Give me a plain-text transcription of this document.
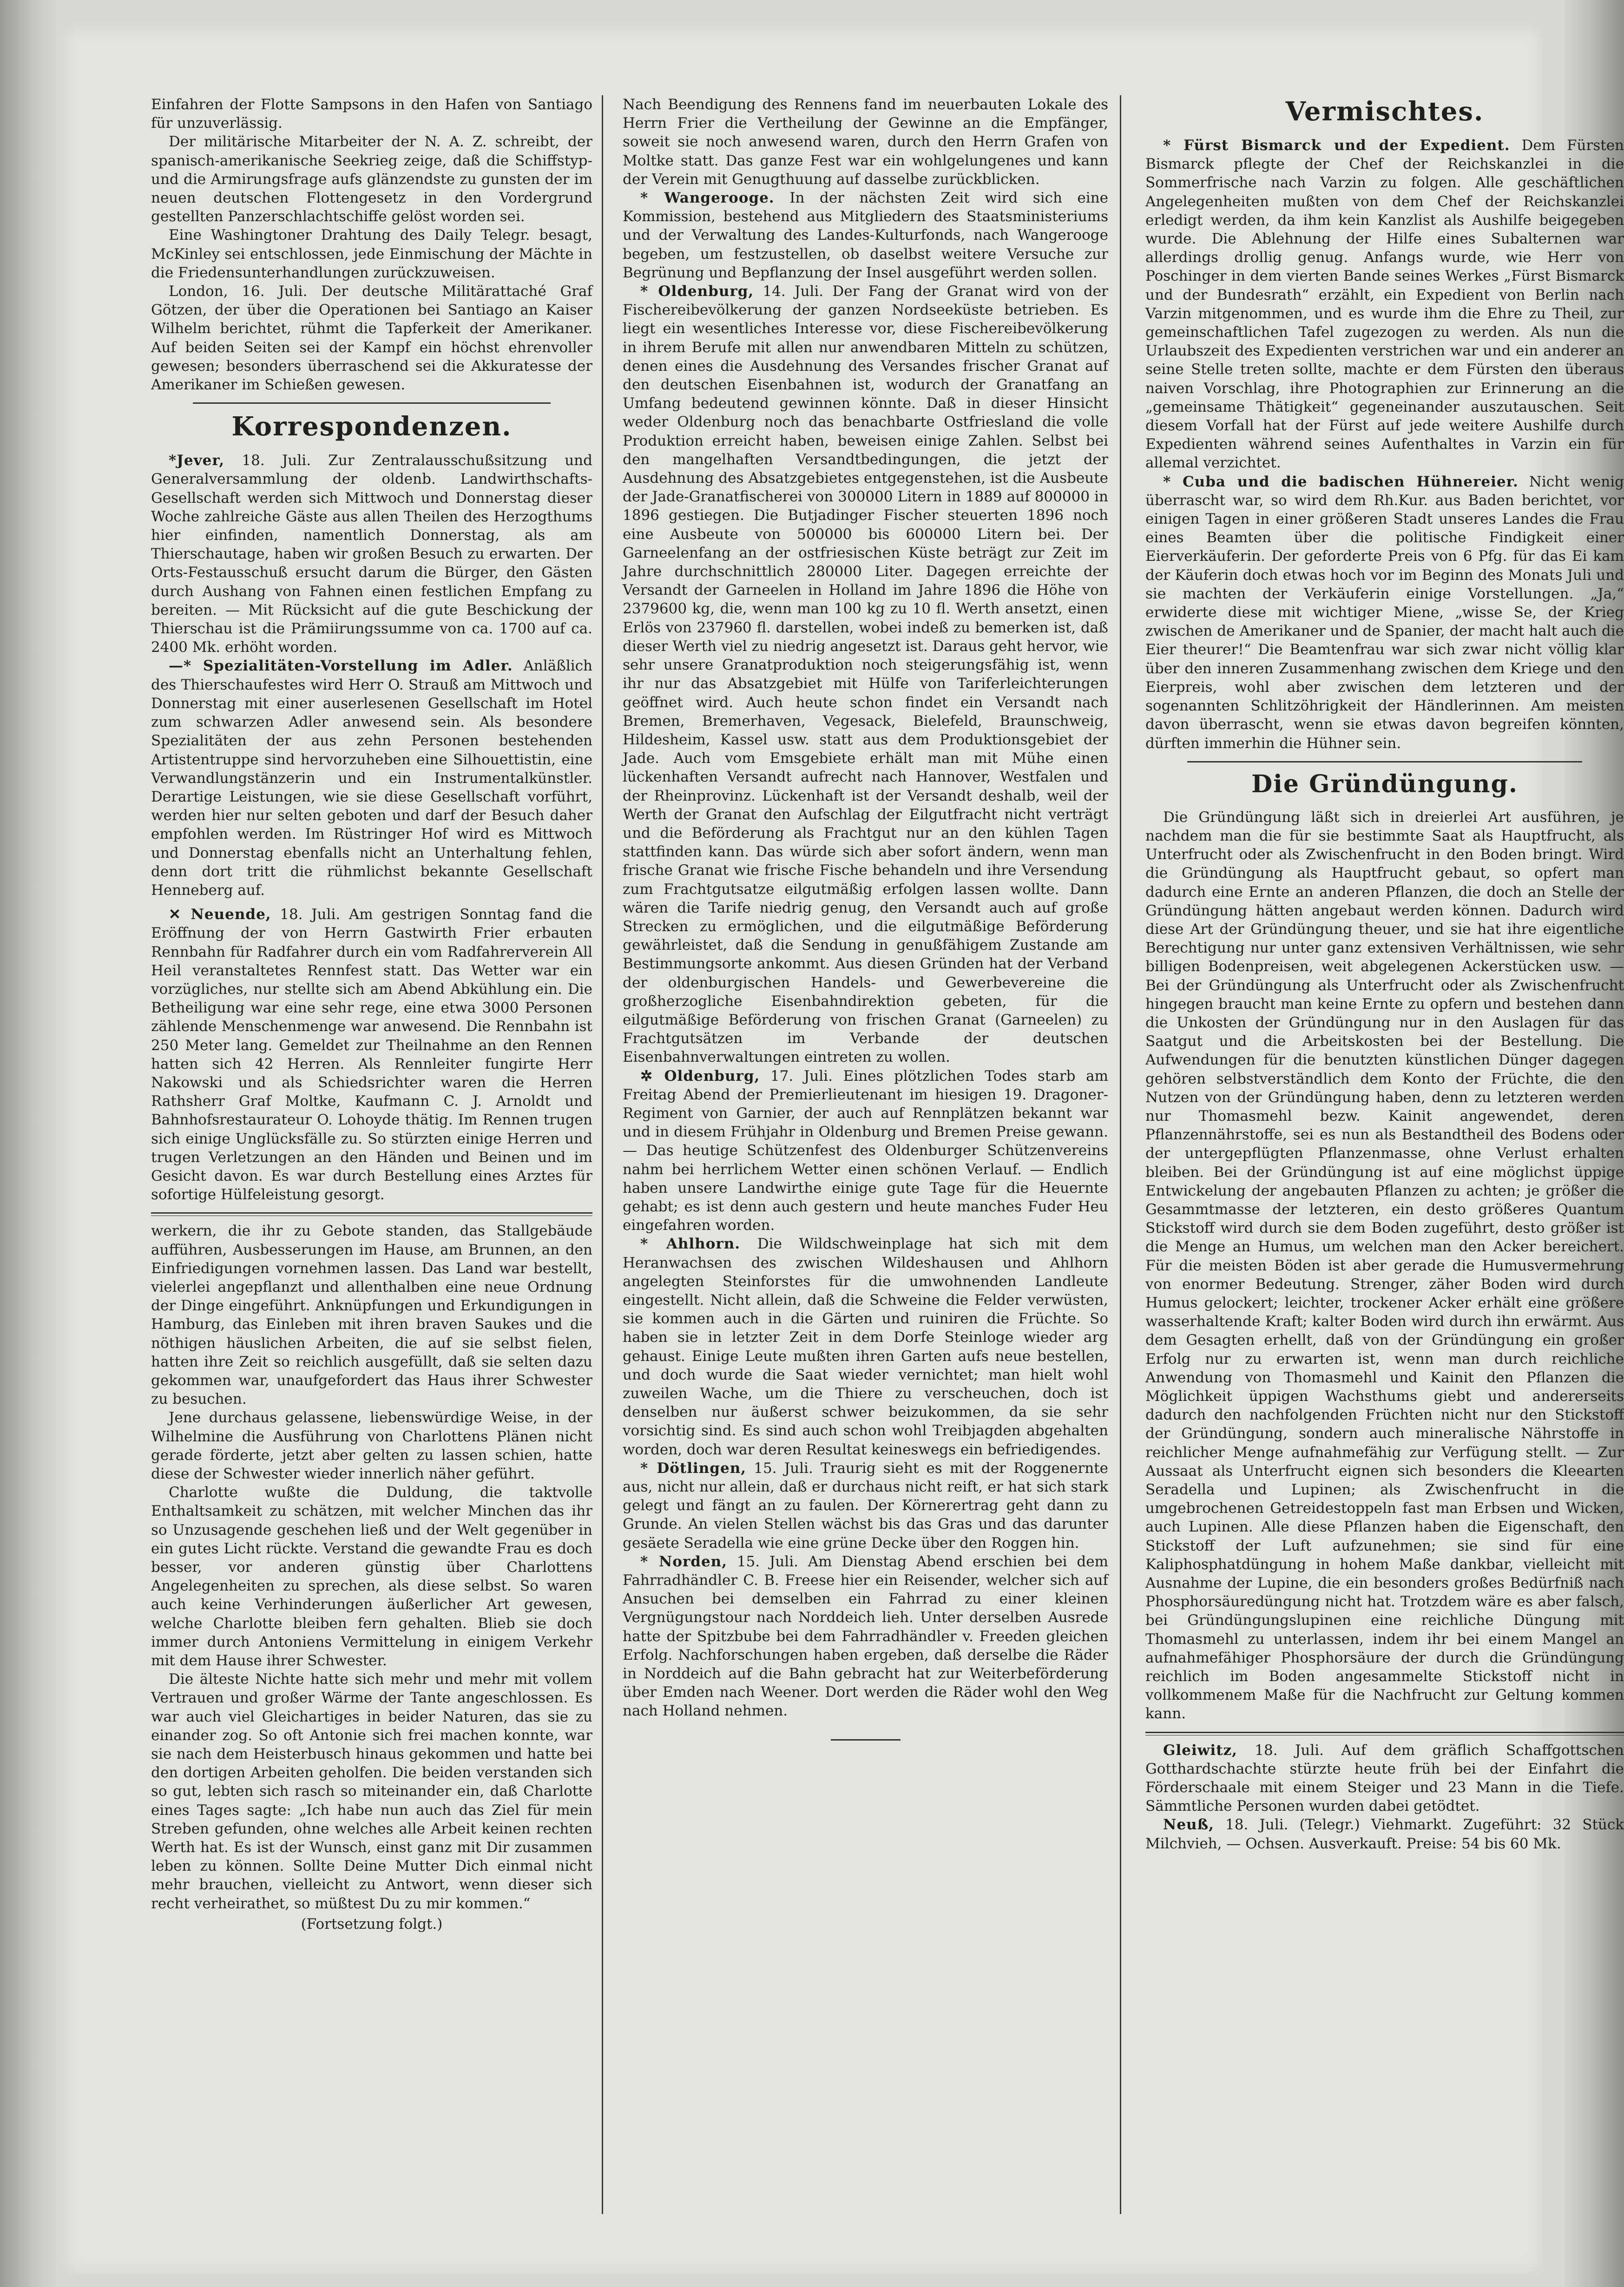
Einfahren der Flotte Sampsons in den Hafen von Santiago für unzuverlässig.

Der militärische Mitarbeiter der N. A. Z. schreibt, der spanisch-amerikanische Seekrieg zeige, daß die Schiffstyp- und die Armirungsfrage aufs glänzendste zu gunsten der im neuen deutschen Flottengesetz in den Vordergrund gestellten Panzerschlachtschiffe gelöst worden sei.

Eine Washingtoner Drahtung des Daily Telegr. besagt, McKinley sei entschlossen, jede Einmischung der Mächte in die Friedensunterhandlungen zurückzuweisen.

London, 16. Juli. Der deutsche Militärattaché Graf Götzen, der über die Operationen bei Santiago an Kaiser Wilhelm berichtet, rühmt die Tapferkeit der Amerikaner. Auf beiden Seiten sei der Kampf ein höchst ehrenvoller gewesen; besonders überraschend sei die Akkuratesse der Amerikaner im Schießen gewesen.

Korrespondenzen.

*Jever, 18. Juli. Zur Zentralausschußsitzung und Generalversammlung der oldenb. Landwirthschafts-Gesellschaft werden sich Mittwoch und Donnerstag dieser Woche zahlreiche Gäste aus allen Theilen des Herzogthums hier einfinden, namentlich Donnerstag, als am Thierschautage, haben wir großen Besuch zu erwarten. Der Orts-Festausschuß ersucht darum die Bürger, den Gästen durch Aushang von Fahnen einen festlichen Empfang zu bereiten. — Mit Rücksicht auf die gute Beschickung der Thierschau ist die Prämiirungssumme von ca. 1700 auf ca. 2400 Mk. erhöht worden.

—* Spezialitäten-Vorstellung im Adler. Anläßlich des Thierschaufestes wird Herr O. Strauß am Mittwoch und Donnerstag mit einer auserlesenen Gesellschaft im Hotel zum schwarzen Adler anwesend sein. Als besondere Spezialitäten der aus zehn Personen bestehenden Artistentruppe sind hervorzuheben eine Silhouettistin, eine Verwandlungstänzerin und ein Instrumentalkünstler. Derartige Leistungen, wie sie diese Gesellschaft vorführt, werden hier nur selten geboten und darf der Besuch daher empfohlen werden. Im Rüstringer Hof wird es Mittwoch und Donnerstag ebenfalls nicht an Unterhaltung fehlen, denn dort tritt die rühmlichst bekannte Gesellschaft Henneberg auf.

✕ Neuende, 18. Juli. Am gestrigen Sonntag fand die Eröffnung der von Herrn Gastwirth Frier erbauten Rennbahn für Radfahrer durch ein vom Radfahrerverein All Heil veranstaltetes Rennfest statt. Das Wetter war ein vorzügliches, nur stellte sich am Abend Abkühlung ein. Die Betheiligung war eine sehr rege, eine etwa 3000 Personen zählende Menschenmenge war anwesend. Die Rennbahn ist 250 Meter lang. Gemeldet zur Theilnahme an den Rennen hatten sich 42 Herren. Als Rennleiter fungirte Herr Nakowski und als Schiedsrichter waren die Herren Rathsherr Graf Moltke, Kaufmann C. J. Arnoldt und Bahnhofsrestaurateur O. Lohoyde thätig. Im Rennen trugen sich einige Unglücksfälle zu. So stürzten einige Herren und trugen Verletzungen an den Händen und Beinen und im Gesicht davon. Es war durch Bestellung eines Arztes für sofortige Hülfeleistung gesorgt.

werkern, die ihr zu Gebote standen, das Stallgebäude aufführen, Ausbesserungen im Hause, am Brunnen, an den Einfriedigungen vornehmen lassen. Das Land war bestellt, vielerlei angepflanzt und allenthalben eine neue Ordnung der Dinge eingeführt. Anknüpfungen und Erkundigungen in Hamburg, das Einleben mit ihren braven Saukes und die nöthigen häuslichen Arbeiten, die auf sie selbst fielen, hatten ihre Zeit so reichlich ausgefüllt, daß sie selten dazu gekommen war, unaufgefordert das Haus ihrer Schwester zu besuchen.

Jene durchaus gelassene, liebenswürdige Weise, in der Wilhelmine die Ausführung von Charlottens Plänen nicht gerade förderte, jetzt aber gelten zu lassen schien, hatte diese der Schwester wieder innerlich näher geführt.

Charlotte wußte die Duldung, die taktvolle Enthaltsamkeit zu schätzen, mit welcher Minchen das ihr so Unzusagende geschehen ließ und der Welt gegenüber in ein gutes Licht rückte. Verstand die gewandte Frau es doch besser, vor anderen günstig über Charlottens Angelegenheiten zu sprechen, als diese selbst. So waren auch keine Verhinderungen äußerlicher Art gewesen, welche Charlotte bleiben fern gehalten. Blieb sie doch immer durch Antoniens Vermittelung in einigem Verkehr mit dem Hause ihrer Schwester.

Die älteste Nichte hatte sich mehr und mehr mit vollem Vertrauen und großer Wärme der Tante angeschlossen. Es war auch viel Gleichartiges in beider Naturen, das sie zu einander zog. So oft Antonie sich frei machen konnte, war sie nach dem Heisterbusch hinaus gekommen und hatte bei den dortigen Arbeiten geholfen. Die beiden verstanden sich so gut, lebten sich rasch so miteinander ein, daß Charlotte eines Tages sagte: „Ich habe nun auch das Ziel für mein Streben gefunden, ohne welches alle Arbeit keinen rechten Werth hat. Es ist der Wunsch, einst ganz mit Dir zusammen leben zu können. Sollte Deine Mutter Dich einmal nicht mehr brauchen, vielleicht zu Antwort, wenn dieser sich recht verheirathet, so müßtest Du zu mir kommen.“

(Fortsetzung folgt.)

Nach Beendigung des Rennens fand im neuerbauten Lokale des Herrn Frier die Vertheilung der Gewinne an die Empfänger, soweit sie noch anwesend waren, durch den Herrn Grafen von Moltke statt. Das ganze Fest war ein wohlgelungenes und kann der Verein mit Genugthuung auf dasselbe zurückblicken.

* Wangerooge. In der nächsten Zeit wird sich eine Kommission, bestehend aus Mitgliedern des Staatsministeriums und der Verwaltung des Landes-Kulturfonds, nach Wangerooge begeben, um festzustellen, ob daselbst weitere Versuche zur Begrünung und Bepflanzung der Insel ausgeführt werden sollen.

* Oldenburg, 14. Juli. Der Fang der Granat wird von der Fischereibevölkerung der ganzen Nordseeküste betrieben. Es liegt ein wesentliches Interesse vor, diese Fischereibevölkerung in ihrem Berufe mit allen nur anwendbaren Mitteln zu schützen, denen eines die Ausdehnung des Versandes frischer Granat auf den deutschen Eisenbahnen ist, wodurch der Granatfang an Umfang bedeutend gewinnen könnte. Daß in dieser Hinsicht weder Oldenburg noch das benachbarte Ostfriesland die volle Produktion erreicht haben, beweisen einige Zahlen. Selbst bei den mangelhaften Versandtbedingungen, die jetzt der Ausdehnung des Absatzgebietes entgegenstehen, ist die Ausbeute der Jade-Granatfischerei von 300000 Litern in 1889 auf 800000 in 1896 gestiegen. Die Butjadinger Fischer steuerten 1896 noch eine Ausbeute von 500000 bis 600000 Litern bei. Der Garneelenfang an der ostfriesischen Küste beträgt zur Zeit im Jahre durchschnittlich 280000 Liter. Dagegen erreichte der Versandt der Garneelen in Holland im Jahre 1896 die Höhe von 2379600 kg, die, wenn man 100 kg zu 10 fl. Werth ansetzt, einen Erlös von 237960 fl. darstellen, wobei indeß zu bemerken ist, daß dieser Werth viel zu niedrig angesetzt ist. Daraus geht hervor, wie sehr unsere Granatproduktion noch steigerungsfähig ist, wenn ihr nur das Absatzgebiet mit Hülfe von Tariferleichterungen geöffnet wird. Auch heute schon findet ein Versandt nach Bremen, Bremerhaven, Vegesack, Bielefeld, Braunschweig, Hildesheim, Kassel usw. statt aus dem Produktionsgebiet der Jade. Auch vom Emsgebiete erhält man mit Mühe einen lückenhaften Versandt aufrecht nach Hannover, Westfalen und der Rheinprovinz. Lückenhaft ist der Versandt deshalb, weil der Werth der Granat den Aufschlag der Eilgutfracht nicht verträgt und die Beförderung als Frachtgut nur an den kühlen Tagen stattfinden kann. Das würde sich aber sofort ändern, wenn man frische Granat wie frische Fische behandeln und ihre Versendung zum Frachtgutsatze eilgutmäßig erfolgen lassen wollte. Dann wären die Tarife niedrig genug, den Versandt auch auf große Strecken zu ermöglichen, und die eilgutmäßige Beförderung gewährleistet, daß die Sendung in genußfähigem Zustande am Bestimmungsorte ankommt. Aus diesen Gründen hat der Verband der oldenburgischen Handels- und Gewerbevereine die großherzogliche Eisenbahndirektion gebeten, für die eilgutmäßige Beförderung von frischen Granat (Garneelen) zu Frachtgutsätzen im Verbande der deutschen Eisenbahnverwaltungen eintreten zu wollen.

✲ Oldenburg, 17. Juli. Eines plötzlichen Todes starb am Freitag Abend der Premierlieutenant im hiesigen 19. Dragoner-Regiment von Garnier, der auch auf Rennplätzen bekannt war und in diesem Frühjahr in Oldenburg und Bremen Preise gewann. — Das heutige Schützenfest des Oldenburger Schützenvereins nahm bei herrlichem Wetter einen schönen Verlauf. — Endlich haben unsere Landwirthe einige gute Tage für die Heuernte gehabt; es ist denn auch gestern und heute manches Fuder Heu eingefahren worden.

* Ahlhorn. Die Wildschweinplage hat sich mit dem Heranwachsen des zwischen Wildeshausen und Ahlhorn angelegten Steinforstes für die umwohnenden Landleute eingestellt. Nicht allein, daß die Schweine die Felder verwüsten, sie kommen auch in die Gärten und ruiniren die Früchte. So haben sie in letzter Zeit in dem Dorfe Steinloge wieder arg gehaust. Einige Leute mußten ihren Garten aufs neue bestellen, und doch wurde die Saat wieder vernichtet; man hielt wohl zuweilen Wache, um die Thiere zu verscheuchen, doch ist denselben nur äußerst schwer beizukommen, da sie sehr vorsichtig sind. Es sind auch schon wohl Treibjagden abgehalten worden, doch war deren Resultat keineswegs ein befriedigendes.

* Dötlingen, 15. Juli. Traurig sieht es mit der Roggenernte aus, nicht nur allein, daß er durchaus nicht reift, er hat sich stark gelegt und fängt an zu faulen. Der Körnerertrag geht dann zu Grunde. An vielen Stellen wächst bis das Gras und das darunter gesäete Seradella wie eine grüne Decke über den Roggen hin.

* Norden, 15. Juli. Am Dienstag Abend erschien bei dem Fahrradhändler C. B. Freese hier ein Reisender, welcher sich auf Ansuchen bei demselben ein Fahrrad zu einer kleinen Vergnügungstour nach Norddeich lieh. Unter derselben Ausrede hatte der Spitzbube bei dem Fahrradhändler v. Freeden gleichen Erfolg. Nachforschungen haben ergeben, daß derselbe die Räder in Norddeich auf die Bahn gebracht hat zur Weiterbeförderung über Emden nach Weener. Dort werden die Räder wohl den Weg nach Holland nehmen.

Vermischtes.

* Fürst Bismarck und der Expedient. Dem Fürsten Bismarck pflegte der Chef der Reichskanzlei in die Sommerfrische nach Varzin zu folgen. Alle geschäftlichen Angelegenheiten mußten von dem Chef der Reichskanzlei erledigt werden, da ihm kein Kanzlist als Aushilfe beigegeben wurde. Die Ablehnung der Hilfe eines Subalternen war allerdings drollig genug. Anfangs wurde, wie Herr von Poschinger in dem vierten Bande seines Werkes „Fürst Bismarck und der Bundesrath“ erzählt, ein Expedient von Berlin nach Varzin mitgenommen, und es wurde ihm die Ehre zu Theil, zur gemeinschaftlichen Tafel zugezogen zu werden. Als nun die Urlaubszeit des Expedienten verstrichen war und ein anderer an seine Stelle treten sollte, machte er dem Fürsten den überaus naiven Vorschlag, ihre Photographien zur Erinnerung an die „gemeinsame Thätigkeit“ gegeneinander auszutauschen. Seit diesem Vorfall hat der Fürst auf jede weitere Aushilfe durch Expedienten während seines Aufenthaltes in Varzin ein für allemal verzichtet.

* Cuba und die badischen Hühnereier. Nicht wenig überrascht war, so wird dem Rh.Kur. aus Baden berichtet, vor einigen Tagen in einer größeren Stadt unseres Landes die Frau eines Beamten über die politische Findigkeit einer Eierverkäuferin. Der geforderte Preis von 6 Pfg. für das Ei kam der Käuferin doch etwas hoch vor im Beginn des Monats Juli und sie machten der Verkäuferin einige Vorstellungen. „Ja,“ erwiderte diese mit wichtiger Miene, „wisse Se, der Krieg zwischen de Amerikaner und de Spanier, der macht halt auch die Eier theurer!“ Die Beamtenfrau war sich zwar nicht völlig klar über den inneren Zusammenhang zwischen dem Kriege und den Eierpreis, wohl aber zwischen dem letzteren und der sogenannten Schlitzöhrigkeit der Händlerinnen. Am meisten davon überrascht, wenn sie etwas davon begreifen könnten, dürften immerhin die Hühner sein.

Die Gründüngung.

Die Gründüngung läßt sich in dreierlei Art ausführen, je nachdem man die für sie bestimmte Saat als Hauptfrucht, als Unterfrucht oder als Zwischenfrucht in den Boden bringt. Wird die Gründüngung als Hauptfrucht gebaut, so opfert man dadurch eine Ernte an anderen Pflanzen, die doch an Stelle der Gründüngung hätten angebaut werden können. Dadurch wird diese Art der Gründüngung theuer, und sie hat ihre eigentliche Berechtigung nur unter ganz extensiven Verhältnissen, wie sehr billigen Bodenpreisen, weit abgelegenen Ackerstücken usw. — Bei der Gründüngung als Unterfrucht oder als Zwischenfrucht hingegen braucht man keine Ernte zu opfern und bestehen dann die Unkosten der Gründüngung nur in den Auslagen für das Saatgut und die Arbeitskosten bei der Bestellung. Die Aufwendungen für die benutzten künstlichen Dünger dagegen gehören selbstverständlich dem Konto der Früchte, die den Nutzen von der Gründüngung haben, denn zu letzteren werden nur Thomasmehl bezw. Kainit angewendet, deren Pflanzennährstoffe, sei es nun als Bestandtheil des Bodens oder der untergepflügten Pflanzenmasse, ohne Verlust erhalten bleiben. Bei der Gründüngung ist auf eine möglichst üppige Entwickelung der angebauten Pflanzen zu achten; je größer die Gesammtmasse der letzteren, ein desto größeres Quantum Stickstoff wird durch sie dem Boden zugeführt, desto größer ist die Menge an Humus, um welchen man den Acker bereichert. Für die meisten Böden ist aber gerade die Humusvermehrung von enormer Bedeutung. Strenger, zäher Boden wird durch Humus gelockert; leichter, trockener Acker erhält eine größere wasserhaltende Kraft; kalter Boden wird durch ihn erwärmt. Aus dem Gesagten erhellt, daß von der Gründüngung ein großer Erfolg nur zu erwarten ist, wenn man durch reichliche Anwendung von Thomasmehl und Kainit den Pflanzen die Möglichkeit üppigen Wachsthums giebt und andererseits dadurch den nachfolgenden Früchten nicht nur den Stickstoff der Gründüngung, sondern auch mineralische Nährstoffe in reichlicher Menge aufnahmefähig zur Verfügung stellt. — Zur Aussaat als Unterfrucht eignen sich besonders die Kleearten Seradella und Lupinen; als Zwischenfrucht in die umgebrochenen Getreidestoppeln fast man Erbsen und Wicken, auch Lupinen. Alle diese Pflanzen haben die Eigenschaft, den Stickstoff der Luft aufzunehmen; sie sind für eine Kaliphosphatdüngung in hohem Maße dankbar, vielleicht mit Ausnahme der Lupine, die ein besonders großes Bedürfniß nach Phosphorsäuredüngung nicht hat. Trotzdem wäre es aber falsch, bei Gründüngungslupinen eine reichliche Düngung mit Thomasmehl zu unterlassen, indem ihr bei einem Mangel an aufnahmefähiger Phosphorsäure der durch die Gründüngung reichlich im Boden angesammelte Stickstoff nicht in vollkommenem Maße für die Nachfrucht zur Geltung kommen kann.

Gleiwitz, 18. Juli. Auf dem gräflich Schaffgottschen Gotthardschachte stürzte heute früh bei der Einfahrt die Förderschaale mit einem Steiger und 23 Mann in die Tiefe. Sämmtliche Personen wurden dabei getödtet.

Neuß, 18. Juli. (Telegr.) Viehmarkt. Zugeführt: 32 Stück Milchvieh, — Ochsen. Ausverkauft. Preise: 54 bis 60 Mk.
